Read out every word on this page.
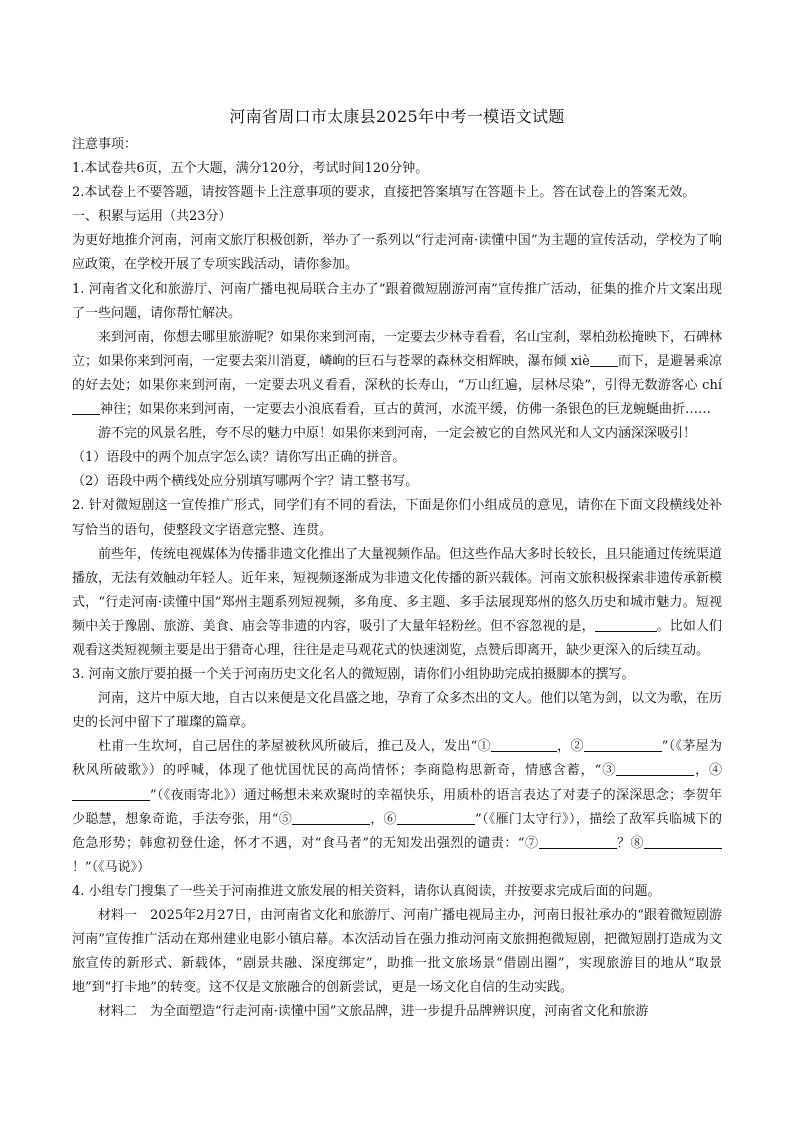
河南省周口市太康县2025年中考一模语文试题

注意事项：

1.本试卷共6页，五个大题，满分120分，考试时间120分钟。

2.本试卷上不要答题，请按答题卡上注意事项的要求，直接把答案填写在答题卡上。答在试卷上的答案无效。

一、积累与运用（共23分）

为更好地推介河南，河南文旅厅积极创新，举办了一系列以“行走河南·读懂中国”为主题的宣传活动，学校为了响应政策，在学校开展了专项实践活动，请你参加。

1. 河南省文化和旅游厅、河南广播电视局联合主办了“跟着微短剧游河南”宣传推广活动，征集的推介片文案出现了一些问题，请你帮忙解决。

来到河南，你想去哪里旅游呢？如果你来到河南，一定要去少林寺看看，名山宝刹，翠柏劲松掩映下，石碑林立；如果你来到河南，一定要去栾川消夏，嶙峋的巨石与苍翠的森林交相辉映，瀑布倾 xiè 而下，是避暑乘凉的好去处；如果你来到河南，一定要去巩义看看，深秋的长寿山，“万山红遍，层林尽染”，引得无数游客心 chí神往；如果你来到河南，一定要去小浪底看看，亘古的黄河，水流平缓，仿佛一条银色的巨龙蜿蜒曲折……

游不完的风景名胜，夸不尽的魅力中原！如果你来到河南，一定会被它的自然风光和人文内涵深深吸引！

（1）语段中的两个加点字怎么读？请你写出正确的拼音。

（2）语段中两个横线处应分别填写哪两个字？请工整书写。

2. 针对微短剧这一宣传推广形式，同学们有不同的看法，下面是你们小组成员的意见，请你在下面文段横线处补写恰当的语句，使整段文字语意完整、连贯。

前些年，传统电视媒体为传播非遗文化推出了大量视频作品。但这些作品大多时长较长，且只能通过传统渠道播放，无法有效触动年轻人。近年来，短视频逐渐成为非遗文化传播的新兴载体。河南文旅积极探索非遗传承新模式，“行走河南·读懂中国”郑州主题系列短视频，多角度、多主题、多手法展现郑州的悠久历史和城市魅力。短视频中关于豫剧、旅游、美食、庙会等非遗的内容，吸引了大量年轻粉丝。但不容忽视的是，	。比如人们观看这类短视频主要是出于猎奇心理，往往是走马观花式的快速浏览，点赞后即离开，缺少更深入的后续互动。

3. 河南文旅厅要拍摄一个关于河南历史文化名人的微短剧，请你们小组协助完成拍摄脚本的撰写。

河南，这片中原大地，自古以来便是文化昌盛之地，孕育了众多杰出的文人。他们以笔为剑，以文为歌，在历史的长河中留下了璀璨的篇章。

杜甫一生坎坷，自己居住的茅屋被秋风所破后，推己及人，发出“①	，②	”（《茅屋为秋风所破歌》）的呼喊，体现了他忧国忧民的高尚情怀；李商隐构思新奇，情感含蓄，“③	，④”（《夜雨寄北》）通过畅想未来欢聚时的幸福快乐，用质朴的语言表达了对妻子的深深思念；李贺年少聪慧，想象奇诡，手法夸张，用“⑤	，⑥	”（《雁门太守行》），描绘了敌军兵临城下的危急形势；韩愈初登仕途，怀才不遇，对“食马者”的无知发出强烈的谴责：“⑦	？⑧！”（《马说》）

4. 小组专门搜集了一些关于河南推进文旅发展的相关资料，请你认真阅读，并按要求完成后面的问题。

材料一　2025年2月27日，由河南省文化和旅游厅、河南广播电视局主办，河南日报社承办的“跟着微短剧游河南”宣传推广活动在郑州建业电影小镇启幕。本次活动旨在强力推动河南文旅拥抱微短剧，把微短剧打造成为文旅宣传的新形式、新载体，“剧景共融、深度绑定”，助推一批文旅场景“借剧出圈”，实现旅游目的地从“取景地”到“打卡地”的转变。这不仅是文旅融合的创新尝试，更是一场文化自信的生动实践。

材料二　为全面塑造“行走河南·读懂中国”文旅品牌，进一步提升品牌辨识度，河南省文化和旅游
